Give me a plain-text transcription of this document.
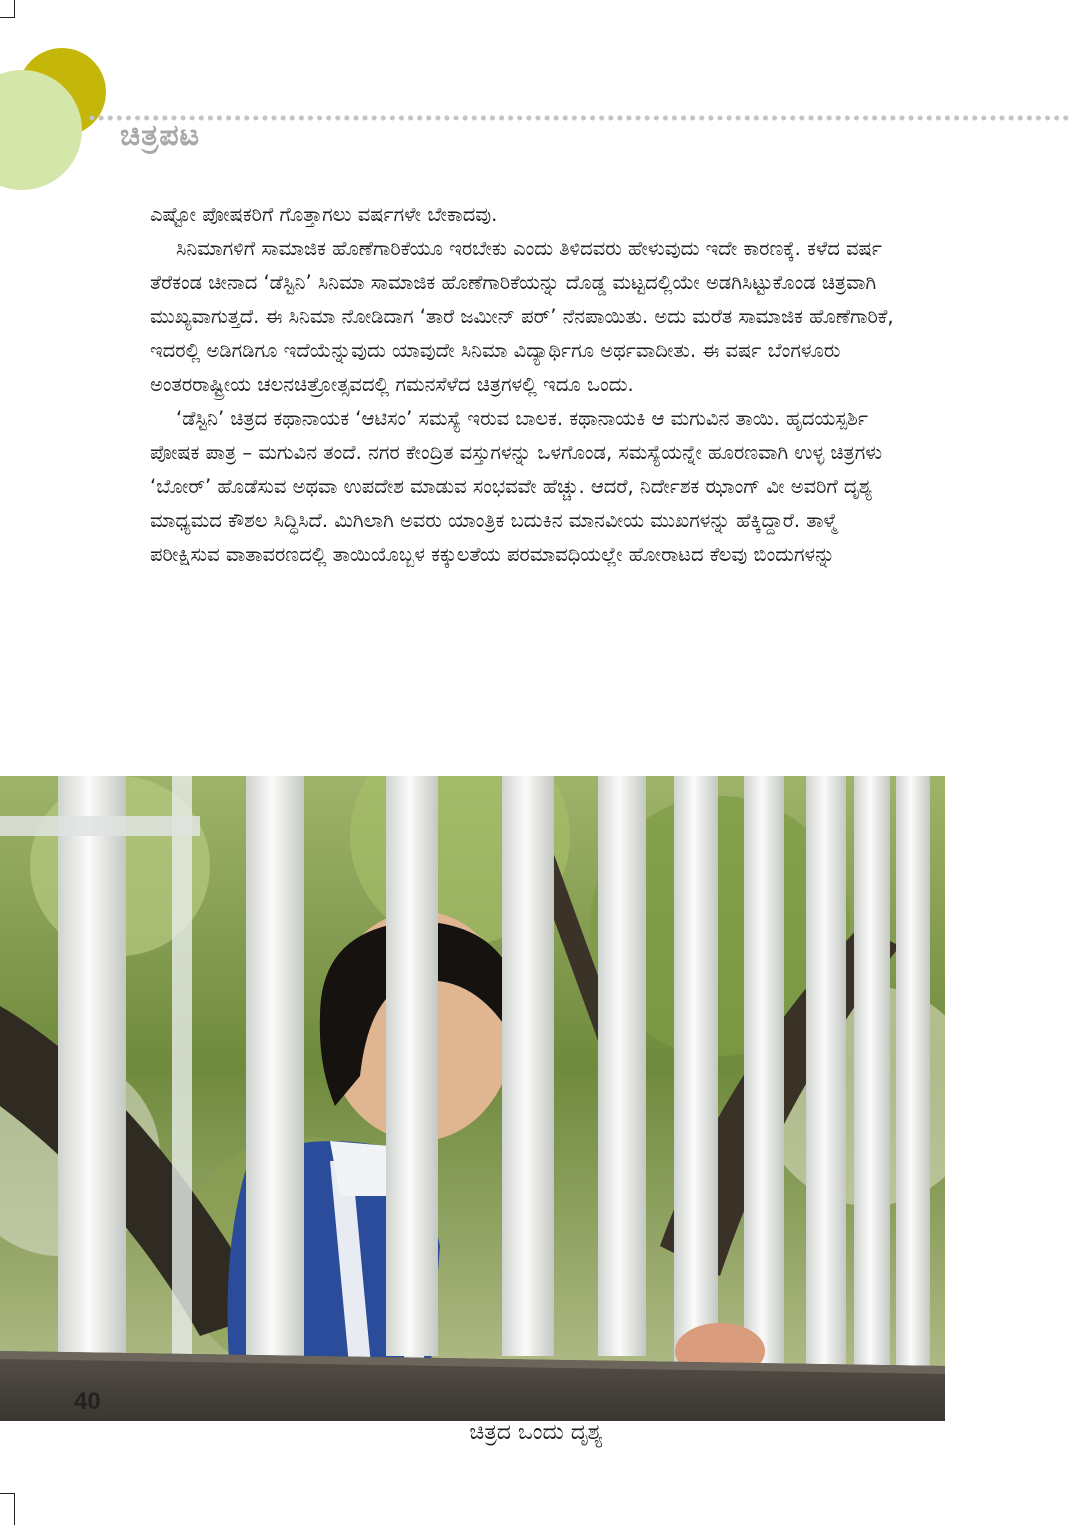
ಚಿತ್ರಪಟ

ಎಷ್ಟೋ ಪೋಷಕರಿಗೆ ಗೊತ್ತಾಗಲು ವರ್ಷಗಳೇ ಬೇಕಾದವು.

ಸಿನಿಮಾಗಳಿಗೆ ಸಾಮಾಜಿಕ ಹೊಣೆಗಾರಿಕೆಯೂ ಇರಬೇಕು ಎಂದು ತಿಳಿದವರು ಹೇಳುವುದು ಇದೇ ಕಾರಣಕ್ಕೆ. ಕಳೆದ ವರ್ಷ ತೆರೆಕಂಡ ಚೀನಾದ ‘ಡೆಸ್ಟಿನಿ’ ಸಿನಿಮಾ ಸಾಮಾಜಿಕ ಹೊಣೆಗಾರಿಕೆಯನ್ನು ದೊಡ್ಡ ಮಟ್ಟದಲ್ಲಿಯೇ ಅಡಗಿಸಿಟ್ಟುಕೊಂಡ ಚಿತ್ರವಾಗಿ ಮುಖ್ಯವಾಗುತ್ತದೆ. ಈ ಸಿನಿಮಾ ನೋಡಿದಾಗ ‘ತಾರೆ ಜಮೀನ್ ಪರ್’ ನೆನಪಾಯಿತು. ಅದು ಮರೆತ ಸಾಮಾಜಿಕ ಹೊಣೆಗಾರಿಕೆ, ಇದರಲ್ಲಿ ಅಡಿಗಡಿಗೂ ಇದೆಯೆನ್ನುವುದು ಯಾವುದೇ ಸಿನಿಮಾ ವಿದ್ಯಾರ್ಥಿಗೂ ಅರ್ಥವಾದೀತು. ಈ ವರ್ಷ ಬೆಂಗಳೂರು ಅಂತರರಾಷ್ಟ್ರೀಯ ಚಲನಚಿತ್ರೋತ್ಸವದಲ್ಲಿ ಗಮನಸೆಳೆದ ಚಿತ್ರಗಳಲ್ಲಿ ಇದೂ ಒಂದು.

‘ಡೆಸ್ಟಿನಿ’ ಚಿತ್ರದ ಕಥಾನಾಯಕ ‘ಆಟಿಸಂ’ ಸಮಸ್ಯೆ ಇರುವ ಬಾಲಕ. ಕಥಾನಾಯಕಿ ಆ ಮಗುವಿನ ತಾಯಿ. ಹೃದಯಸ್ಪರ್ಶಿ ಪೋಷಕ ಪಾತ್ರ – ಮಗುವಿನ ತಂದೆ. ನಗರ ಕೇಂದ್ರಿತ ವಸ್ತುಗಳನ್ನು ಒಳಗೊಂಡ, ಸಮಸ್ಯೆಯನ್ನೇ ಹೂರಣವಾಗಿ ಉಳ್ಳ ಚಿತ್ರಗಳು ‘ಬೋರ್’ ಹೊಡೆಸುವ ಅಥವಾ ಉಪದೇಶ ಮಾಡುವ ಸಂಭವವೇ ಹೆಚ್ಚು. ಆದರೆ, ನಿರ್ದೇಶಕ ಝಾಂಗ್ ವೀ ಅವರಿಗೆ ದೃಶ್ಯ ಮಾಧ್ಯಮದ ಕೌಶಲ ಸಿದ್ಧಿಸಿದೆ. ಮಿಗಿಲಾಗಿ ಅವರು ಯಾಂತ್ರಿಕ ಬದುಕಿನ ಮಾನವೀಯ ಮುಖಗಳನ್ನು ಹೆಕ್ಕಿದ್ದಾರೆ. ತಾಳ್ಮೆ ಪರೀಕ್ಷಿಸುವ ವಾತಾವರಣದಲ್ಲಿ ತಾಯಿಯೊಬ್ಬಳ ಕಕ್ಕುಲತೆಯ ಪರಮಾವಧಿಯಲ್ಲೇ ಹೋರಾಟದ ಕೆಲವು ಬಿಂದುಗಳನ್ನು

40
ಚಿತ್ರದ ಒಂದು ದೃಶ್ಯ
